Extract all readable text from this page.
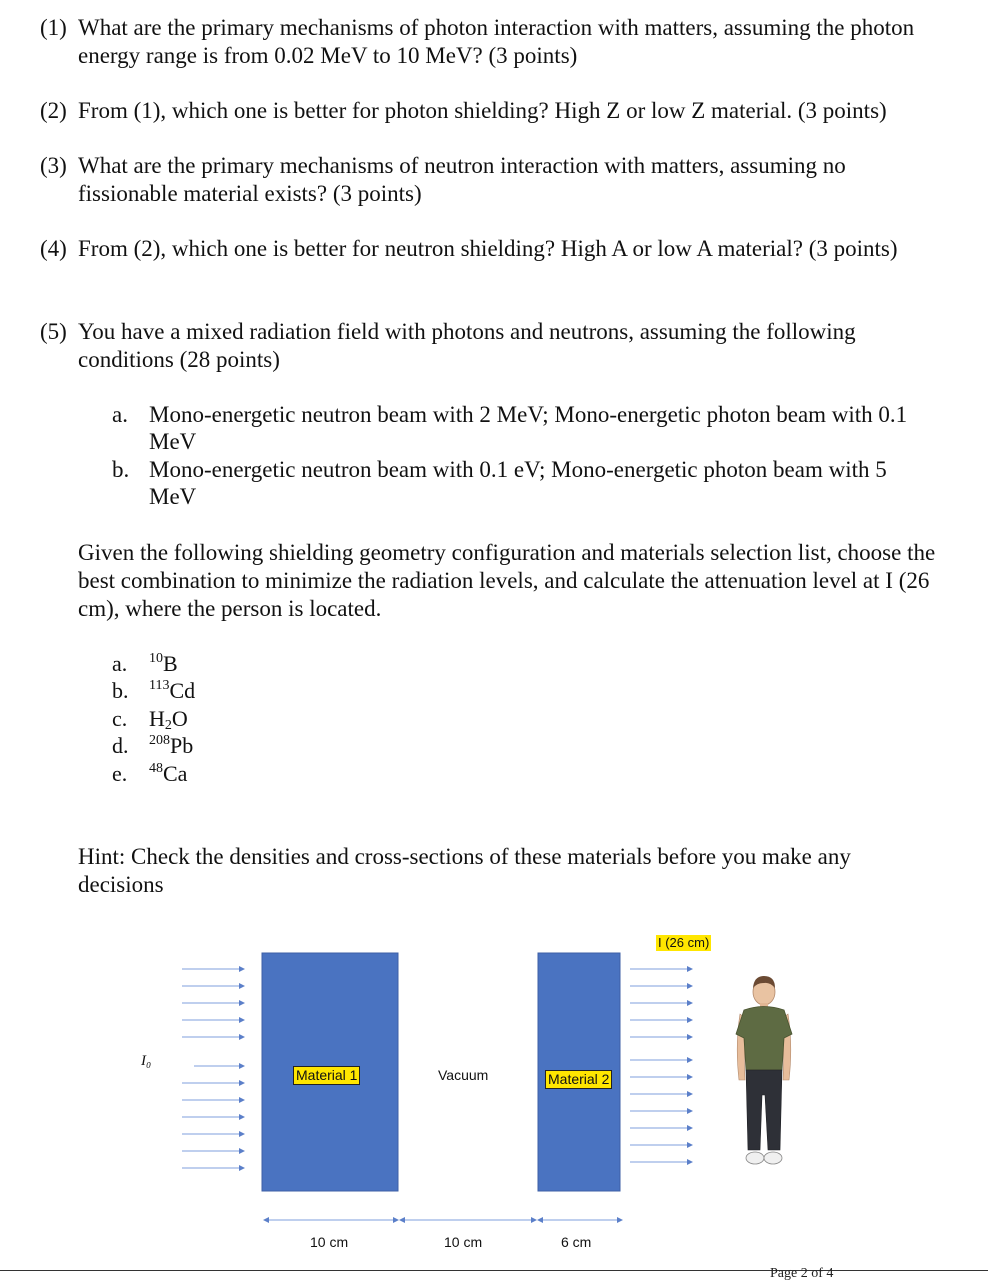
(1) What are the primary mechanisms of photon interaction with matters, assuming the photon energy range is from 0.02 MeV to 10 MeV? (3 points)
(2) From (1), which one is better for photon shielding? High Z or low Z material. (3 points)
(3) What are the primary mechanisms of neutron interaction with matters, assuming no fissionable material exists? (3 points)
(4) From (2), which one is better for neutron shielding? High A or low A material? (3 points)
(5) You have a mixed radiation field with photons and neutrons, assuming the following conditions (28 points)
a. Mono-energetic neutron beam with 2 MeV; Mono-energetic photon beam with 0.1 MeV
b. Mono-energetic neutron beam with 0.1 eV; Mono-energetic photon beam with 5 MeV
Given the following shielding geometry configuration and materials selection list, choose the best combination to minimize the radiation levels, and calculate the attenuation level at I (26 cm), where the person is located.
a. $^{10}$B
b. $^{113}$Cd
c. $H_2O$
d. $^{208}$Pb
e. $^{48}$Ca
Hint: Check the densities and cross-sections of these materials before you make any decisions
I₀
Material 1	Vacuum	Material 2
I (26 cm)
10 cm	10 cm	6 cm
Page 2 of 4
